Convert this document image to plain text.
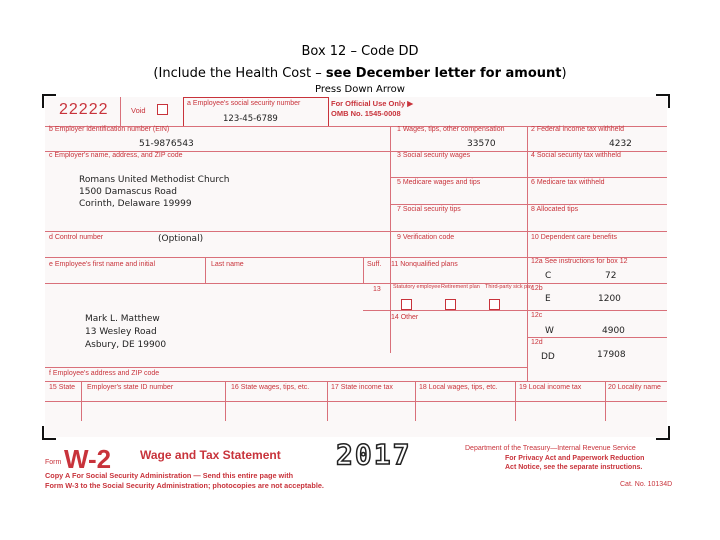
Box 12 – Code DD
(Include the Health Cost – see December letter for amount)
Press Down Arrow
22222	Void
a Employee's social security number
123-45-6789
For Official Use Only ▶
OMB No. 1545-0008
b Employer identification number (EIN)
51-9876543
1 Wages, tips, other compensation
33570
2 Federal income tax withheld
4232
c Employer's name, address, and ZIP code
Romans United Methodist Church
1500 Damascus Road
Corinth, Delaware 19999
3 Social security wages	4 Social security tax withheld
5 Medicare wages and tips	6 Medicare tax withheld
7 Social security tips	8 Allocated tips
d Control number	(Optional)	9 Verification code	10 Dependent care benefits
e Employee's first name and initial	Last name	Suff. 11 Nonqualified plans	12a See instructions for box 12
C	72
13 Statutory employee Retirement plan Third-party sick pay
12b
E	1200
14 Other	12c
W	4900
12d
DD	17908
Mark L. Matthew
13 Wesley Road
Asbury, DE 19900
f Employee's address and ZIP code
15 State Employer's state ID number	16 State wages, tips, etc.	17 State income tax	18 Local wages, tips, etc.	19 Local income tax	20 Locality name
Form W-2 Wage and Tax Statement 2017	Department of the Treasury—Internal Revenue Service
For Privacy Act and Paperwork Reduction
Act Notice, see the separate instructions.
Copy A For Social Security Administration — Send this entire page with
Form W-3 to the Social Security Administration; photocopies are not acceptable.	Cat. No. 10134D
